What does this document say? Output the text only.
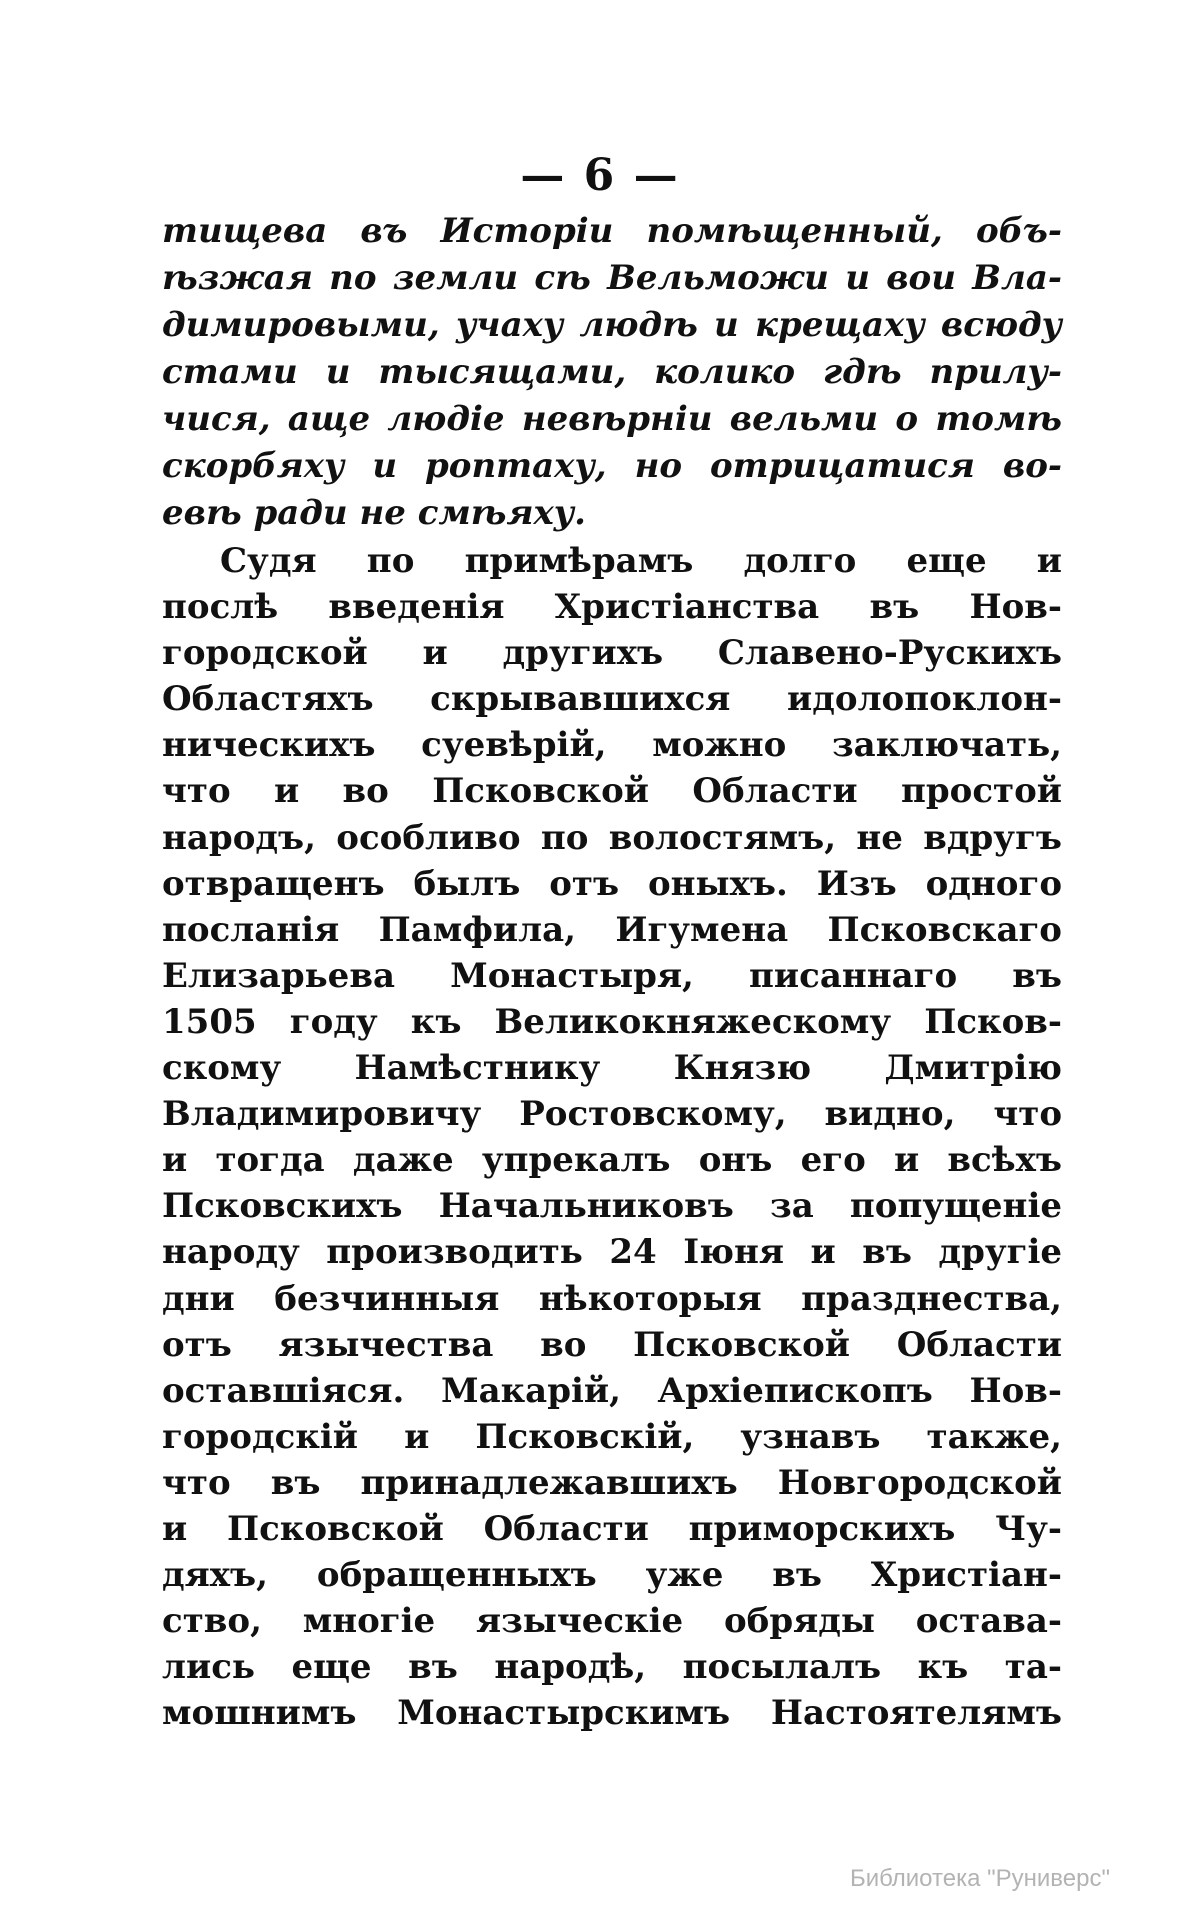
— 6 —
тищева въ Исторіи помѣщенный, объ-
ѣзжая по земли сѣ Вельможи и вои Вла-
димировыми, учаху людѣ и крещаху всюду
стами и тысящами, колико гдѣ прилу-
чися, аще людіе невѣрніи вельми о томѣ
скорбяху и роптаху, но отрицатися во-
евѣ ради не смѣяху.
Судя по примѣрамъ долго еще и
послѣ введенія Христіанства въ Нов-
городской и другихъ Славено-Рускихъ
Областяхъ скрывавшихся идолопоклон-
ническихъ суевѣрій, можно заключать,
что и во Псковской Области простой
народъ, особливо по волостямъ, не вдругъ
отвращенъ былъ отъ оныхъ. Изъ одного
посланія Памфила, Игумена Псковскаго
Елизарьева Монастыря, писаннаго въ
1505 году къ Великокняжескому Псков-
скому Намѣстнику Князю Дмитрію
Владимировичу Ростовскому, видно, что
и тогда даже упрекалъ онъ его и всѣхъ
Псковскихъ Начальниковъ за попущеніе
народу производить 24 Іюня и въ другіе
дни безчинныя нѣкоторыя празднества,
отъ язычества во Псковской Области
оставшіяся. Макарій, Архіепископъ Нов-
городскій и Псковскій, узнавъ также,
что въ принадлежавшихъ Новгородской
и Псковской Области приморскихъ Чу-
дяхъ, обращенныхъ уже въ Христіан-
ство, многіе языческіе обряды остава-
лись еще въ народѣ, посылалъ къ та-
мошнимъ Монастырскимъ Настоятелямъ
Библиотека "Руниверс"
